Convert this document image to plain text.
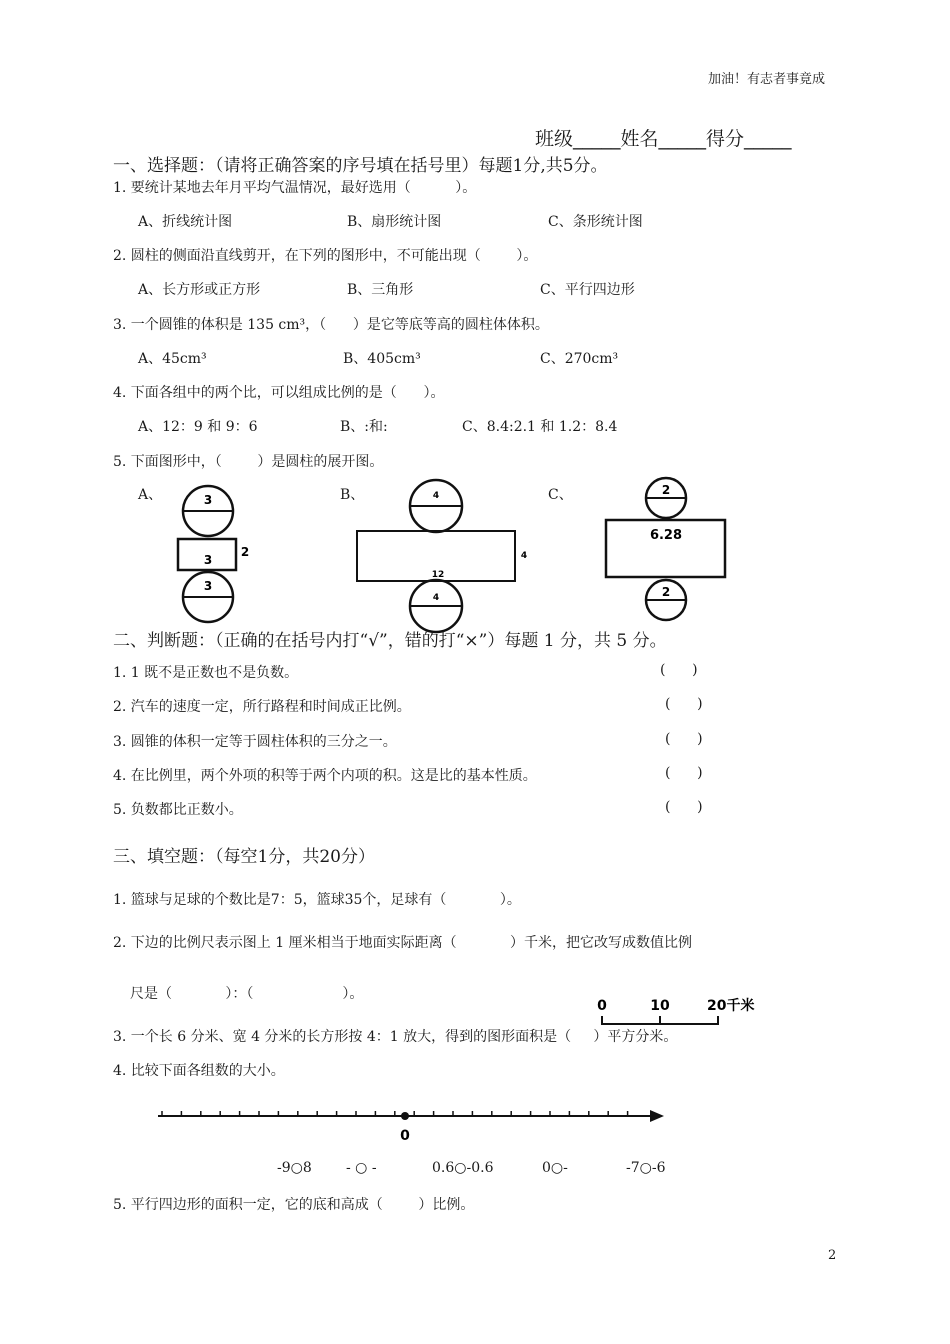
加油！有志者事竟成
班级_____姓名_____得分_____
一、选择题：（请将正确答案的序号填在括号里）每题1分,共5分。
1. 要统计某地去年月平均气温情况，最好选用（          ）。
A、折线统计图	B、扇形统计图	C、条形统计图
2. 圆柱的侧面沿直线剪开，在下列的图形中，不可能出现（        ）。
A、长方形或正方形	B、三角形	C、平行四边形
3. 一个圆锥的体积是 135 cm³，（      ）是它等底等高的圆柱体体积。
A、45cm³	B、405cm³	C、270cm³
4. 下面各组中的两个比，可以组成比例的是（      ）。
A、12：9 和 9：6	B、:和:	C、8.4:2.1 和 1.2：8.4
5. 下面图形中，（        ）是圆柱的展开图。
A、	B、	C、
3
3
2
3
4
12
4
4
2
6.28
2
二、判断题：（正确的在括号内打“√”，错的打“×”）每题 1 分，共 5 分。
1. 1 既不是正数也不是负数。	(      )
2. 汽车的速度一定，所行路程和时间成正比例。	(      )
3. 圆锥的体积一定等于圆柱体积的三分之一。	(      )
4. 在比例里，两个外项的积等于两个内项的积。这是比的基本性质。	(      )
5. 负数都比正数小。	(      )
三、填空题：（每空1分，共20分）
1. 篮球与足球的个数比是7：5，篮球35个，足球有（            ）。
2. 下边的比例尺表示图上 1 厘米相当于地面实际距离（            ）千米，把它改写成数值比例
尺是（            ）：（                    ）。
0	10	20千米
3. 一个长 6 分米、宽 4 分米的长方形按 4：1 放大，得到的图形面积是（     ）平方分米。
4. 比较下面各组数的大小。
0
-9○8 - ○ -	0.6○-0.6	0○-	-7○-6
5. 平行四边形的面积一定，它的底和高成（        ）比例。
2
